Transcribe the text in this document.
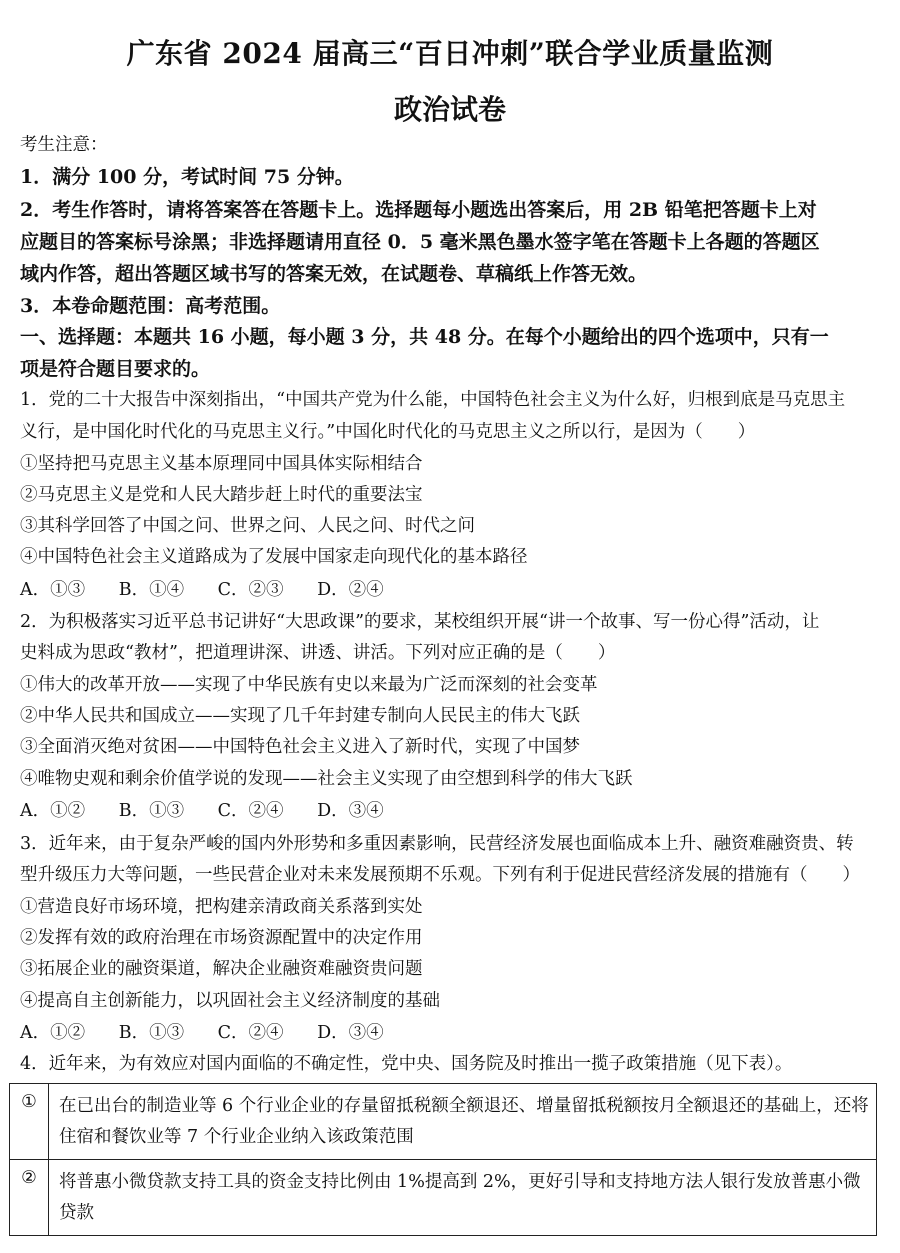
广东省 2024 届高三“百日冲刺”联合学业质量监测
政治试卷
考生注意：
1．满分 100 分，考试时间 75 分钟。
2．考生作答时，请将答案答在答题卡上。选择题每小题选出答案后，用 2B 铅笔把答题卡上对
应题目的答案标号涂黑；非选择题请用直径 0．5 毫米黑色墨水签字笔在答题卡上各题的答题区
域内作答，超出答题区域书写的答案无效，在试题卷、草稿纸上作答无效。
3．本卷命题范围：高考范围。
一、选择题：本题共 16 小题，每小题 3 分，共 48 分。在每个小题给出的四个选项中，只有一
项是符合题目要求的。
1．党的二十大报告中深刻指出，“中国共产党为什么能，中国特色社会主义为什么好，归根到底是马克思主
义行，是中国化时代化的马克思主义行。”中国化时代化的马克思主义之所以行，是因为（　　）
①坚持把马克思主义基本原理同中国具体实际相结合
②马克思主义是党和人民大踏步赶上时代的重要法宝
③其科学回答了中国之问、世界之问、人民之问、时代之问
④中国特色社会主义道路成为了发展中国家走向现代化的基本路径
A．①③ B．①④ C．②③ D．②④
2．为积极落实习近平总书记讲好“大思政课”的要求，某校组织开展“讲一个故事、写一份心得”活动，让
史料成为思政“教材”，把道理讲深、讲透、讲活。下列对应正确的是（　　）
①伟大的改革开放——实现了中华民族有史以来最为广泛而深刻的社会变革
②中华人民共和国成立——实现了几千年封建专制向人民民主的伟大飞跃
③全面消灭绝对贫困——中国特色社会主义进入了新时代，实现了中国梦
④唯物史观和剩余价值学说的发现——社会主义实现了由空想到科学的伟大飞跃
A．①② B．①③ C．②④ D．③④
3．近年来，由于复杂严峻的国内外形势和多重因素影响，民营经济发展也面临成本上升、融资难融资贵、转
型升级压力大等问题，一些民营企业对未来发展预期不乐观。下列有利于促进民营经济发展的措施有（　　）
①营造良好市场环境，把构建亲清政商关系落到实处
②发挥有效的政府治理在市场资源配置中的决定作用
③拓展企业的融资渠道，解决企业融资难融资贵问题
④提高自主创新能力，以巩固社会主义经济制度的基础
A．①② B．①③ C．②④ D．③④
4．近年来，为有效应对国内面临的不确定性，党中央、国务院及时推出一揽子政策措施（见下表）。
①	在已出台的制造业等 6 个行业企业的存量留抵税额全额退还、增量留抵税额按月全额退还的基础上，还将住宿和餐饮业等 7 个行业企业纳入该政策范围
②	将普惠小微贷款支持工具的资金支持比例由 1%提高到 2%，更好引导和支持地方法人银行发放普惠小微贷款
